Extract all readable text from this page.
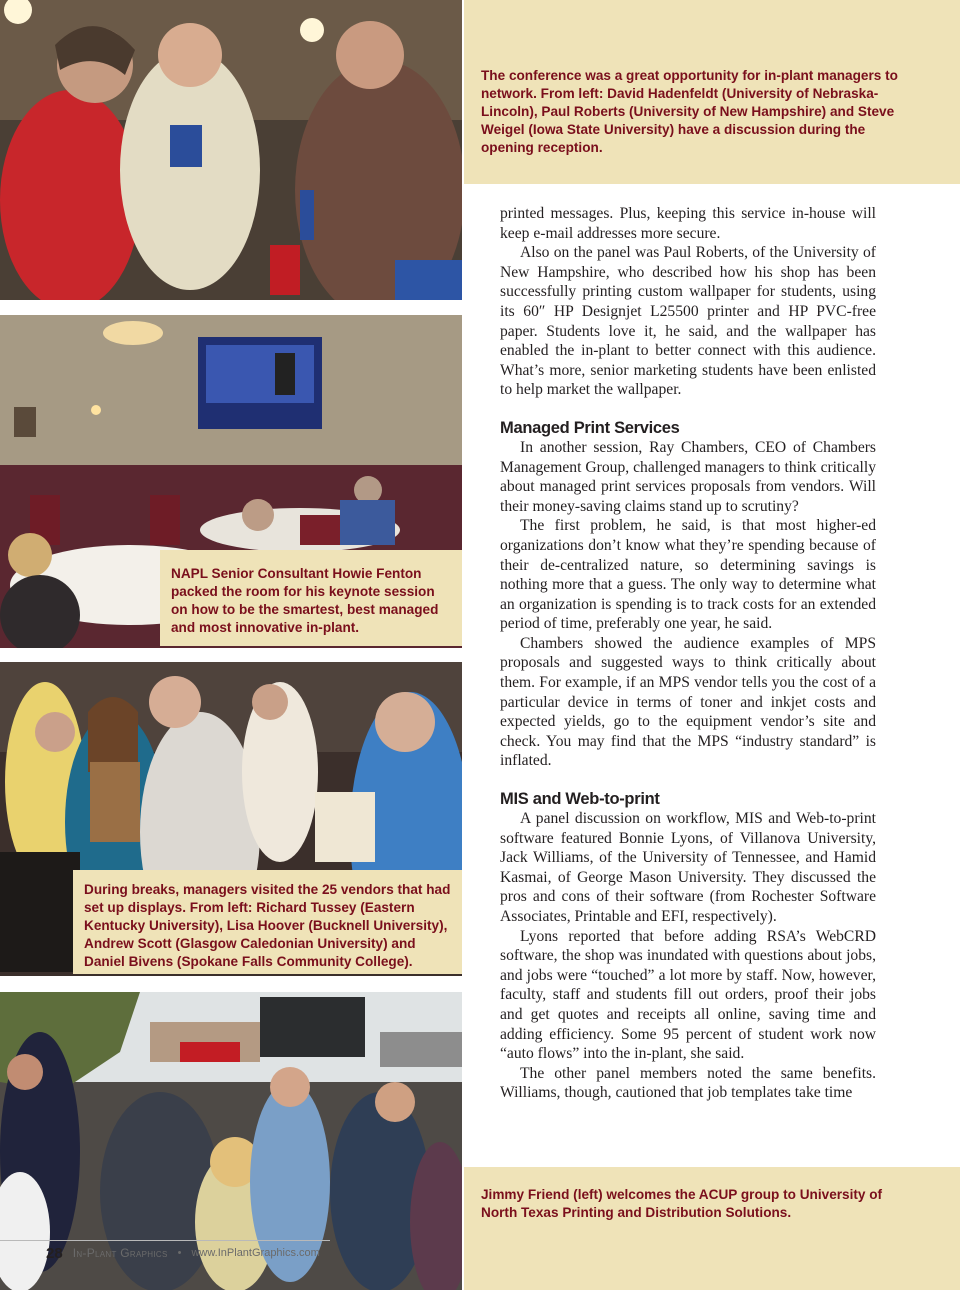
The conference was a great opportunity for in-plant managers to network. From left: David Hadenfeldt (University of Nebraska-Lincoln), Paul Roberts (University of New Hampshire) and Steve Weigel (Iowa State University) have a discussion during the opening reception.

NAPL Senior Consultant Howie Fenton packed the room for his keynote session on how to be the smartest, best managed and most innovative in-plant.

During breaks, managers visited the 25 vendors that had set up displays. From left: Richard Tussey (Eastern Kentucky University), Lisa Hoover (Bucknell University), Andrew Scott (Glasgow Caledonian University) and Daniel Bivens (Spokane Falls Community College).

Jimmy Friend (left) welcomes the ACUP group to University of North Texas Printing and Distribution Solutions.

printed messages. Plus, keeping this service in-house will keep e-mail addresses more secure.

Also on the panel was Paul Roberts, of the University of New Hampshire, who described how his shop has been successfully printing custom wallpaper for students, using its 60″ HP Designjet L25500 printer and HP PVC-free paper. Students love it, he said, and the wallpaper has enabled the in-plant to better connect with this audience. What’s more, senior marketing students have been enlisted to help market the wallpaper.

Managed Print Services

In another session, Ray Chambers, CEO of Chambers Management Group, challenged managers to think critically about managed print services proposals from vendors. Will their money-saving claims stand up to scrutiny?

The first problem, he said, is that most higher-ed organizations don’t know what they’re spending because of their de-centralized nature, so determining savings is nothing more that a guess. The only way to determine what an organization is spending is to track costs for an extended period of time, preferably one year, he said.

Chambers showed the audience examples of MPS proposals and suggested ways to think critically about them. For example, if an MPS vendor tells you the cost of a particular device in terms of toner and inkjet costs and expected yields, go to the equipment vendor’s site and check. You may find that the MPS “industry standard” is inflated.

MIS and Web-to-print

A panel discussion on workflow, MIS and Web-to-print software featured Bonnie Lyons, of Villanova University, Jack Williams, of the University of Tennessee, and Hamid Kasmai, of George Mason University. They discussed the pros and cons of their software (from Rochester Software Associates, Printable and EFI, respectively).

Lyons reported that before adding RSA’s WebCRD software, the shop was inundated with questions about jobs, and jobs were “touched” a lot more by staff. Now, however, faculty, staff and students fill out orders, proof their jobs and get quotes and receipts all online, saving time and adding efficiency. Some 95 percent of student work now “auto flows” into the in-plant, she said.

The other panel members noted the same benefits. Williams, though, cautioned that job templates take time

28 In-Plant Graphics • www.InPlantGraphics.com
